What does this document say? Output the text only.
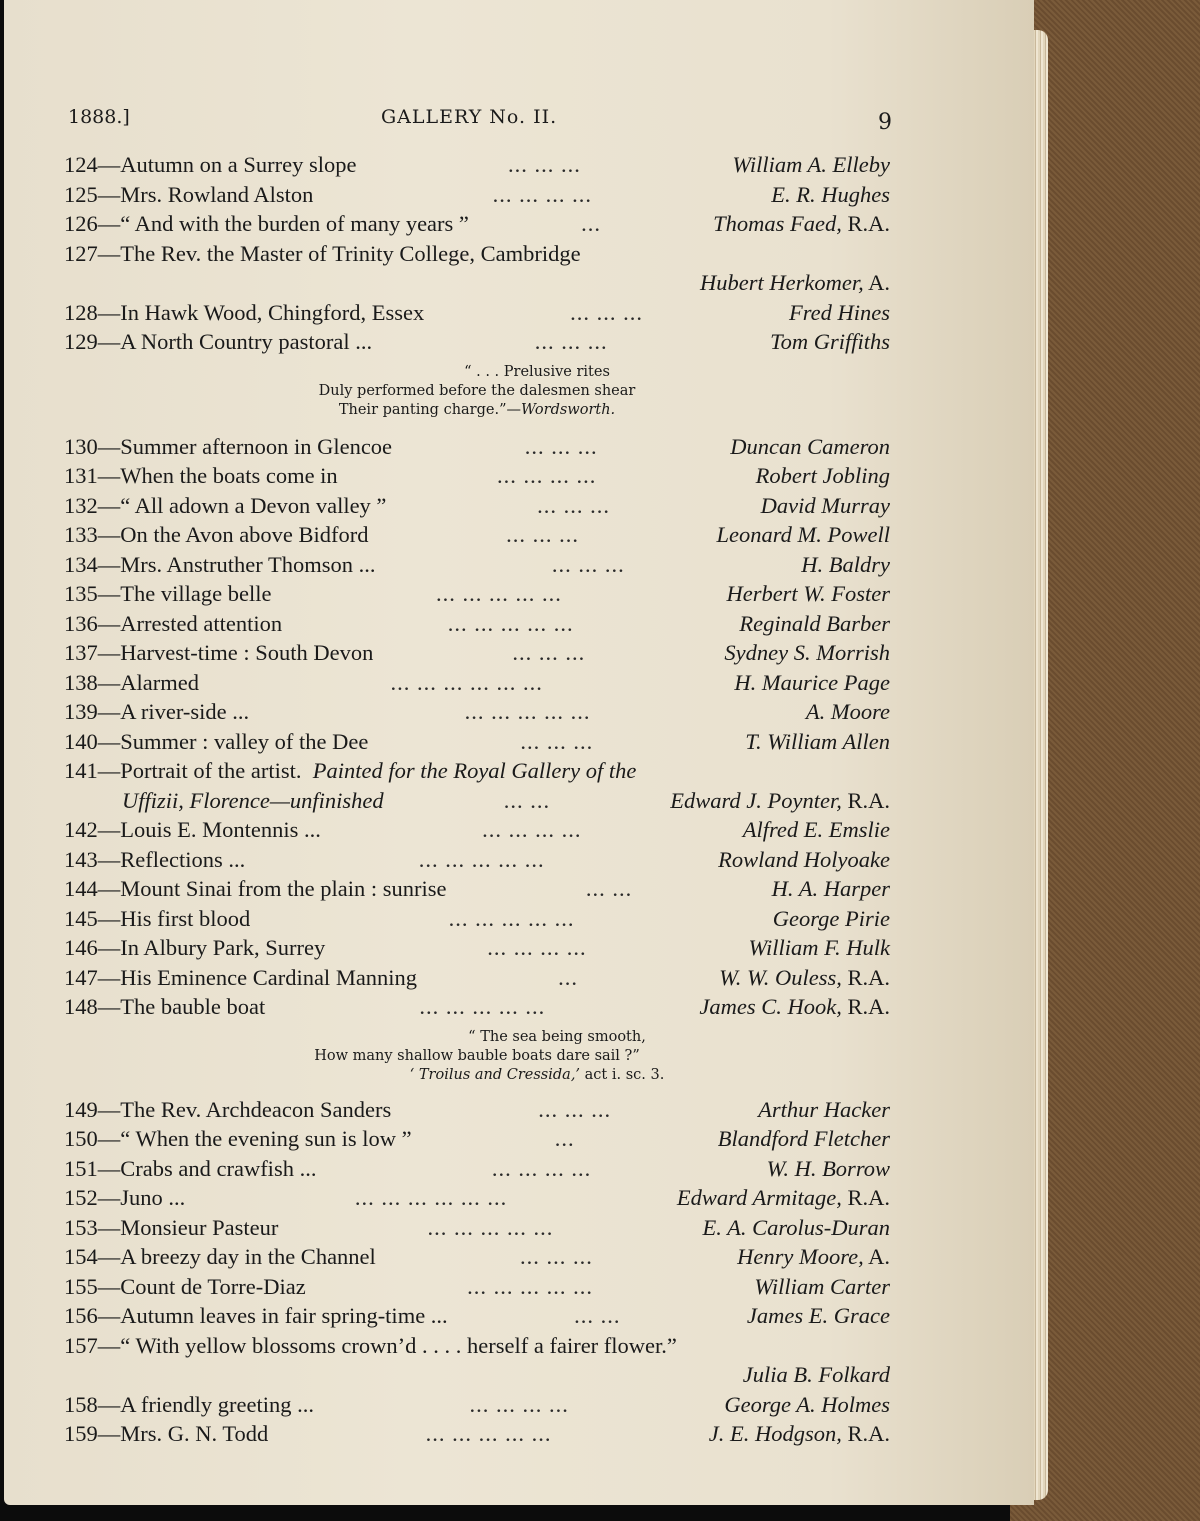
1888.]	GALLERY No. II.	9
124—Autumn on a Surrey slope	... ... ...	William A. Elleby
125—Mrs. Rowland Alston	... ... ... ...	E. R. Hughes
126—“ And with the burden of many years ”	...	Thomas Faed, R.A.
127—The Rev. the Master of Trinity College, Cambridge
Hubert Herkomer, A.
128—In Hawk Wood, Chingford, Essex	... ... ...	Fred Hines
129—A North Country pastoral ...	... ... ...	Tom Griffiths
“ . . . Prelusive rites
Duly performed before the dalesmen shear
Their panting charge.”—Wordsworth.
130—Summer afternoon in Glencoe	... ... ...	Duncan Cameron
131—When the boats come in	... ... ... ...	Robert Jobling
132—“ All adown a Devon valley ”	... ... ...	David Murray
133—On the Avon above Bidford	... ... ...	Leonard M. Powell
134—Mrs. Anstruther Thomson ...	... ... ...	H. Baldry
135—The village belle	... ... ... ... ...	Herbert W. Foster
136—Arrested attention	... ... ... ... ...	Reginald Barber
137—Harvest-time : South Devon	... ... ...	Sydney S. Morrish
138—Alarmed	... ... ... ... ... ...	H. Maurice Page
139—A river-side ...	... ... ... ... ...	A. Moore
140—Summer : valley of the Dee	... ... ...	T. William Allen
141—Portrait of the artist. Painted for the Royal Gallery of the
Uffizii, Florence—unfinished	... ...	Edward J. Poynter, R.A.
142—Louis E. Montennis ...	... ... ... ...	Alfred E. Emslie
143—Reflections ...	... ... ... ... ...	Rowland Holyoake
144—Mount Sinai from the plain : sunrise	... ...	H. A. Harper
145—His first blood	... ... ... ... ...	George Pirie
146—In Albury Park, Surrey	... ... ... ...	William F. Hulk
147—His Eminence Cardinal Manning	...	W. W. Ouless, R.A.
148—The bauble boat	... ... ... ... ...	James C. Hook, R.A.
“ The sea being smooth,
How many shallow bauble boats dare sail ?”
‘ Troilus and Cressida,’ act i. sc. 3.
149—The Rev. Archdeacon Sanders	... ... ...	Arthur Hacker
150—“ When the evening sun is low ”	...	Blandford Fletcher
151—Crabs and crawfish ...	... ... ... ...	W. H. Borrow
152—Juno ...	... ... ... ... ... ...	Edward Armitage, R.A.
153—Monsieur Pasteur	... ... ... ... ...	E. A. Carolus-Duran
154—A breezy day in the Channel	... ... ...	Henry Moore, A.
155—Count de Torre-Diaz	... ... ... ... ...	William Carter
156—Autumn leaves in fair spring-time ...	... ...	James E. Grace
157—“ With yellow blossoms crown’d . . . . herself a fairer flower.”
Julia B. Folkard
158—A friendly greeting ...	... ... ... ...	George A. Holmes
159—Mrs. G. N. Todd	... ... ... ... ...	J. E. Hodgson, R.A.
